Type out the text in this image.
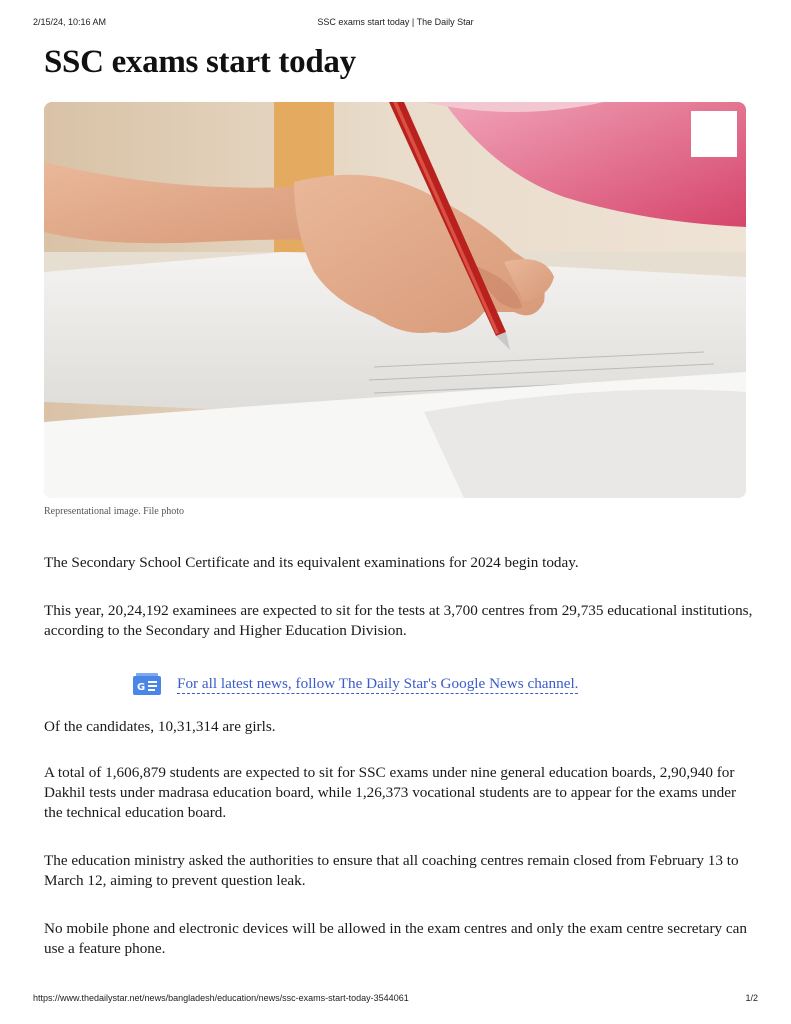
2/15/24, 10:16 AM	SSC exams start today | The Daily Star
SSC exams start today
Representational image. File photo

The Secondary School Certificate and its equivalent examinations for 2024 begin today.

This year, 20,24,192 examinees are expected to sit for the tests at 3,700 centres from 29,735 educational institutions, according to the Secondary and Higher Education Division.

G For all latest news, follow The Daily Star's Google News channel.

Of the candidates, 10,31,314 are girls.

A total of 1,606,879 students are expected to sit for SSC exams under nine general education boards, 2,90,940 for Dakhil tests under madrasa education board, while 1,26,373 vocational students are to appear for the exams under the technical education board.

The education ministry asked the authorities to ensure that all coaching centres remain closed from February 13 to March 12, aiming to prevent question leak.

No mobile phone and electronic devices will be allowed in the exam centres and only the exam centre secretary can use a feature phone.

https://www.thedailystar.net/news/bangladesh/education/news/ssc-exams-start-today-3544061	1/2
